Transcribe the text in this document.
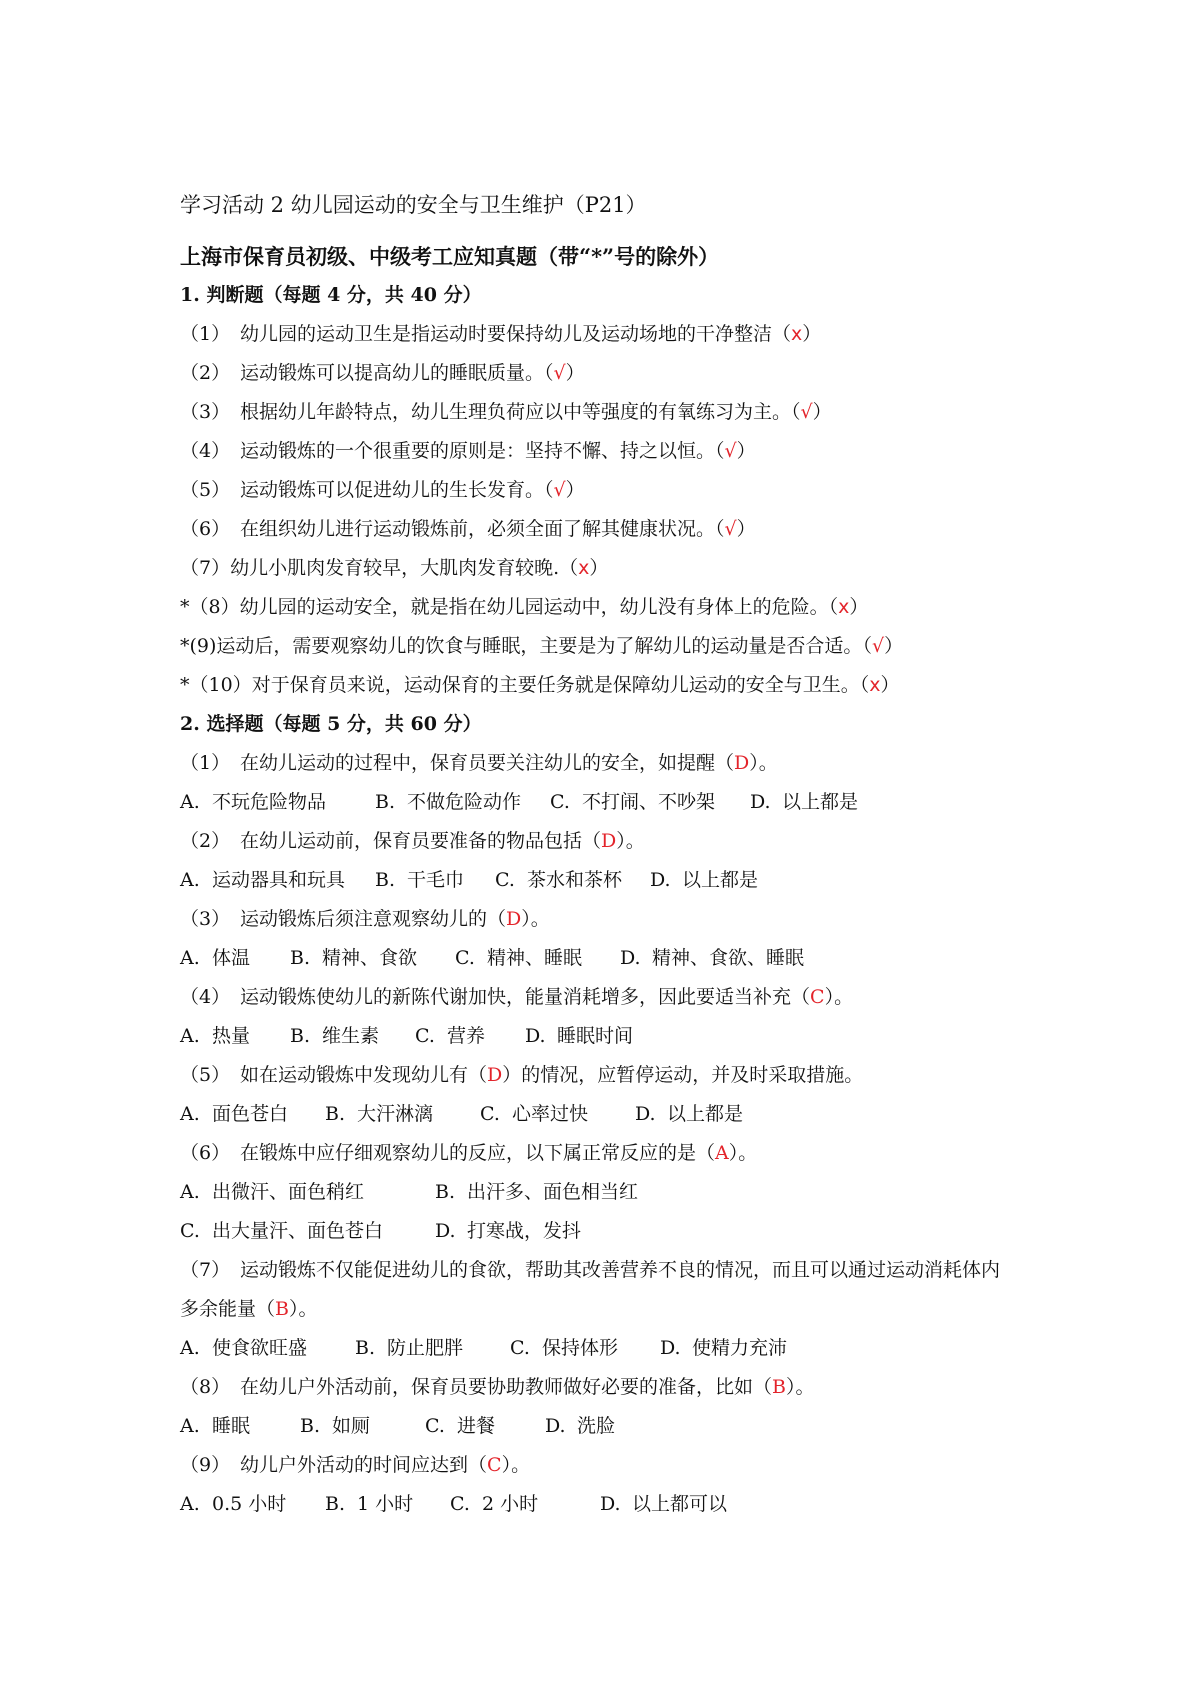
学习活动 2 幼儿园运动的安全与卫生维护（P21）
上海市保育员初级、中级考工应知真题（带“*”号的除外）
1. 判断题（每题 4 分，共 40 分）
（1） 幼儿园的运动卫生是指运动时要保持幼儿及运动场地的干净整洁（x）
（2） 运动锻炼可以提高幼儿的睡眠质量。（√）
（3） 根据幼儿年龄特点，幼儿生理负荷应以中等强度的有氧练习为主。（√）
（4） 运动锻炼的一个很重要的原则是：坚持不懈、持之以恒。（√）
（5） 运动锻炼可以促进幼儿的生长发育。（√）
（6） 在组织幼儿进行运动锻炼前，必须全面了解其健康状况。（√）
（7）幼儿小肌肉发育较早，大肌肉发育较晚.（x）
*（8）幼儿园的运动安全，就是指在幼儿园运动中，幼儿没有身体上的危险。（x）
*(9)运动后，需要观察幼儿的饮食与睡眠，主要是为了解幼儿的运动量是否合适。（√）
*（10）对于保育员来说，运动保育的主要任务就是保障幼儿运动的安全与卫生。（x）
2. 选择题（每题 5 分，共 60 分）
（1） 在幼儿运动的过程中，保育员要关注幼儿的安全，如提醒（D）。
A. 不玩危险物品	B. 不做危险动作 C. 不打闹、不吵架 D. 以上都是
（2） 在幼儿运动前，保育员要准备的物品包括（D）。
A. 运动器具和玩具 B. 干毛巾 C. 茶水和茶杯 D. 以上都是
（3） 运动锻炼后须注意观察幼儿的（D）。
A. 体温 B. 精神、食欲 C. 精神、睡眠 D. 精神、食欲、睡眠
（4） 运动锻炼使幼儿的新陈代谢加快，能量消耗增多，因此要适当补充（C）。
A. 热量 B. 维生素 C. 营养 D. 睡眠时间
（5） 如在运动锻炼中发现幼儿有（D）的情况，应暂停运动，并及时采取措施。
A. 面色苍白 B. 大汗淋漓 C. 心率过快 D. 以上都是
（6） 在锻炼中应仔细观察幼儿的反应，以下属正常反应的是（A）。
A. 出微汗、面色稍红	B. 出汗多、面色相当红
C. 出大量汗、面色苍白	D. 打寒战，发抖
（7） 运动锻炼不仅能促进幼儿的食欲，帮助其改善营养不良的情况，而且可以通过运动消耗体内多余能量（B）。
A. 使食欲旺盛	B. 防止肥胖 C. 保持体形 D. 使精力充沛
（8） 在幼儿户外活动前，保育员要协助教师做好必要的准备，比如（B）。
A. 睡眠	B. 如厕	C. 进餐	D. 洗脸
（9） 幼儿户外活动的时间应达到（C）。
A. 0.5 小时 B. 1 小时 C. 2 小时	D. 以上都可以
